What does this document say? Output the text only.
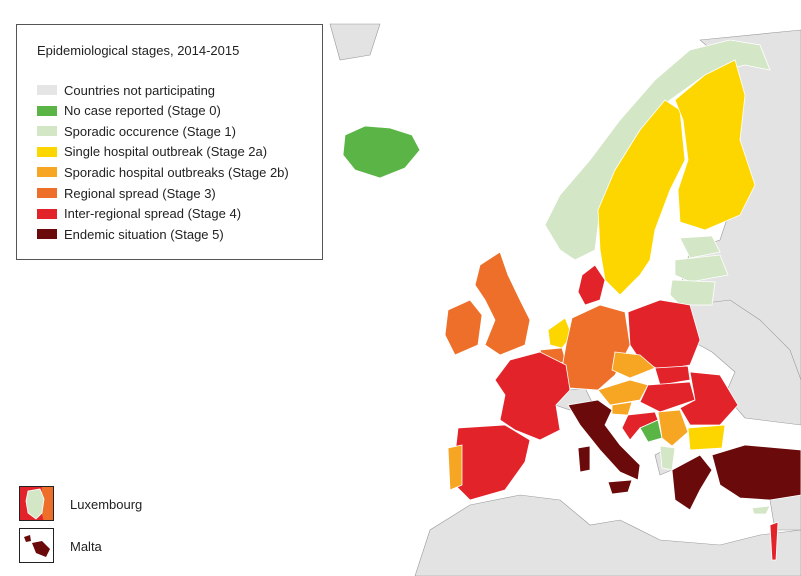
Epidemiological stages, 2014-2015
Countries not participating
No case reported (Stage 0)
Sporadic occurence (Stage 1)
Single hospital outbreak (Stage 2a)
Sporadic hospital outbreaks (Stage 2b)
Regional spread (Stage 3)
Inter-regional spread (Stage 4)
Endemic situation (Stage 5)
Luxembourg
Malta
